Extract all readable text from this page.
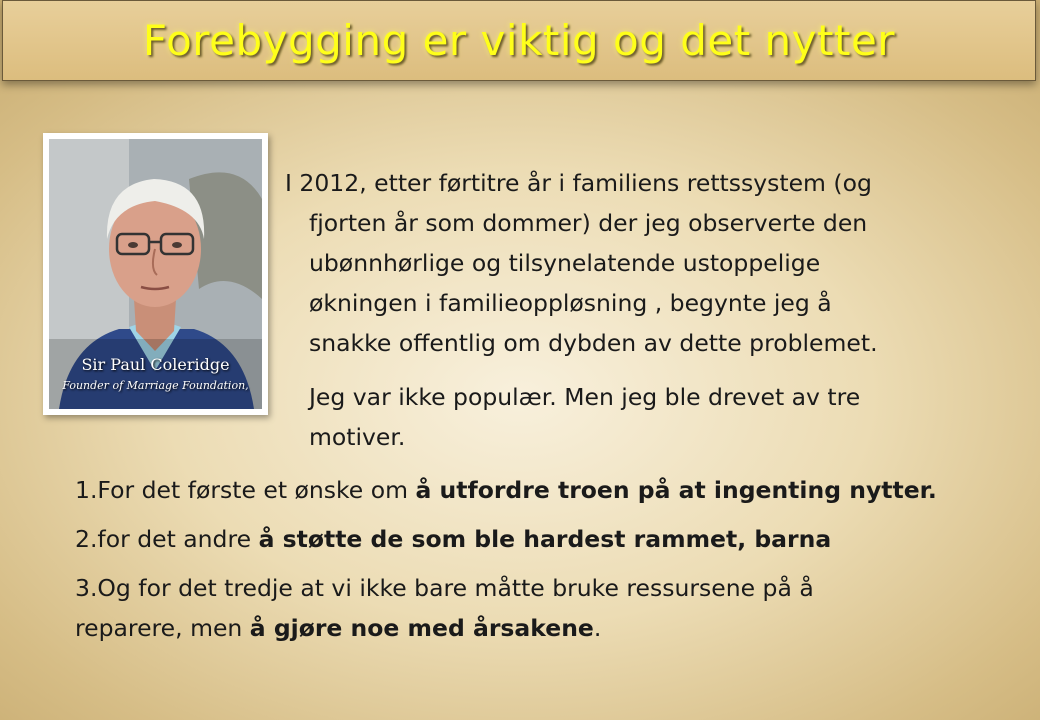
Forebygging er viktig og det nytter
Sir Paul Coleridge
Founder of Marriage Foundation,
I 2012, etter førtitre år i familiens rettssystem (og
fjorten år som dommer) der jeg observerte den
ubønnhørlige og tilsynelatende ustoppelige
økningen i familieoppløsning , begynte jeg å
snakke offentlig om dybden av dette problemet.
Jeg var ikke populær. Men jeg ble drevet av tre
motiver.
1.For det første et ønske om å utfordre troen på at ingenting nytter.
2.for det andre å støtte de som ble hardest rammet, barna
3.Og for det tredje at vi ikke bare måtte bruke ressursene på å
reparere, men å gjøre noe med årsakene.
